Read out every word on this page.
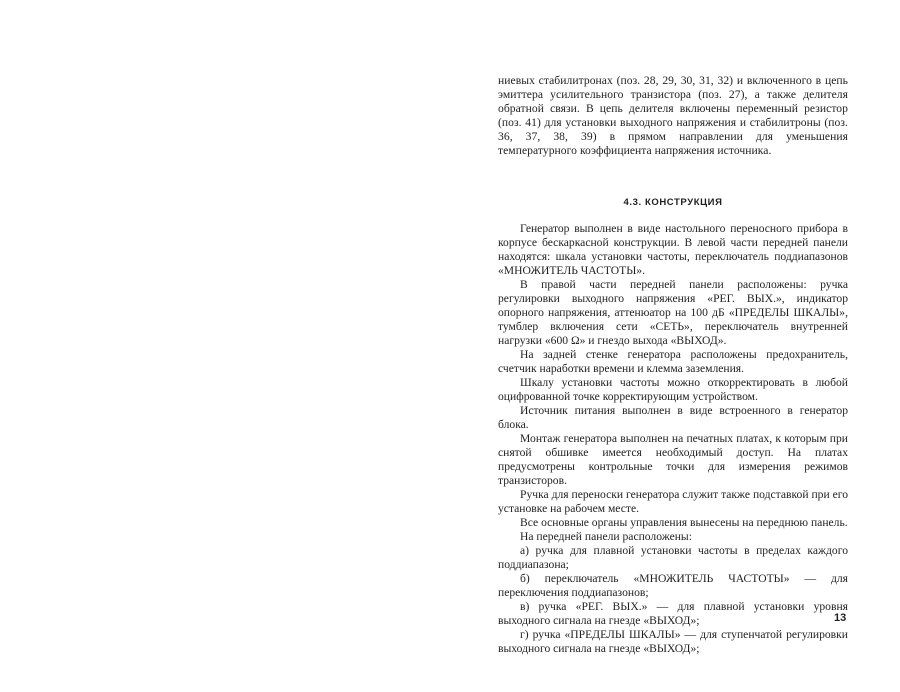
ниевых стабилитронах (поз. 28, 29, 30, 31, 32) и включенного в цепь эмиттера усилительного транзистора (поз. 27), а также делителя обратной связи. В цепь делителя включены переменный резистор (поз. 41) для установки выходного напряжения и стабилитроны (поз. 36, 37, 38, 39) в прямом направлении для уменьшения температурного коэффициента напряжения источника.

4.3. КОНСТРУКЦИЯ

Генератор выполнен в виде настольного переносного прибора в корпусе бескаркасной конструкции. В левой части передней панели находятся: шкала установки частоты, переключатель поддиапазонов «МНОЖИТЕЛЬ ЧАСТОТЫ».

В правой части передней панели расположены: ручка регулировки выходного напряжения «РЕГ. ВЫХ.», индикатор опорного напряжения, аттенюатор на 100 дБ «ПРЕДЕЛЫ ШКАЛЫ», тумблер включения сети «СЕТЬ», переключатель внутренней нагрузки «600 Ω» и гнездо выхода «ВЫХОД».

На задней стенке генератора расположены предохранитель, счетчик наработки времени и клемма заземления.

Шкалу установки частоты можно откорректировать в любой оцифрованной точке корректирующим устройством.

Источник питания выполнен в виде встроенного в генератор блока.

Монтаж генератора выполнен на печатных платах, к которым при снятой обшивке имеется необходимый доступ. На платах предусмотрены контрольные точки для измерения режимов транзисторов.

Ручка для переноски генератора служит также подставкой при его установке на рабочем месте.

Все основные органы управления вынесены на переднюю панель.

На передней панели расположены:

а) ручка для плавной установки частоты в пределах каждого поддиапазона;

б) переключатель «МНОЖИТЕЛЬ ЧАСТОТЫ» — для переключения поддиапазонов;

в) ручка «РЕГ. ВЫХ.» — для плавной установки уровня выходного сигнала на гнезде «ВЫХОД»;

г) ручка «ПРЕДЕЛЫ ШКАЛЫ» — для ступенчатой регулировки выходного сигнала на гнезде «ВЫХОД»;

13
